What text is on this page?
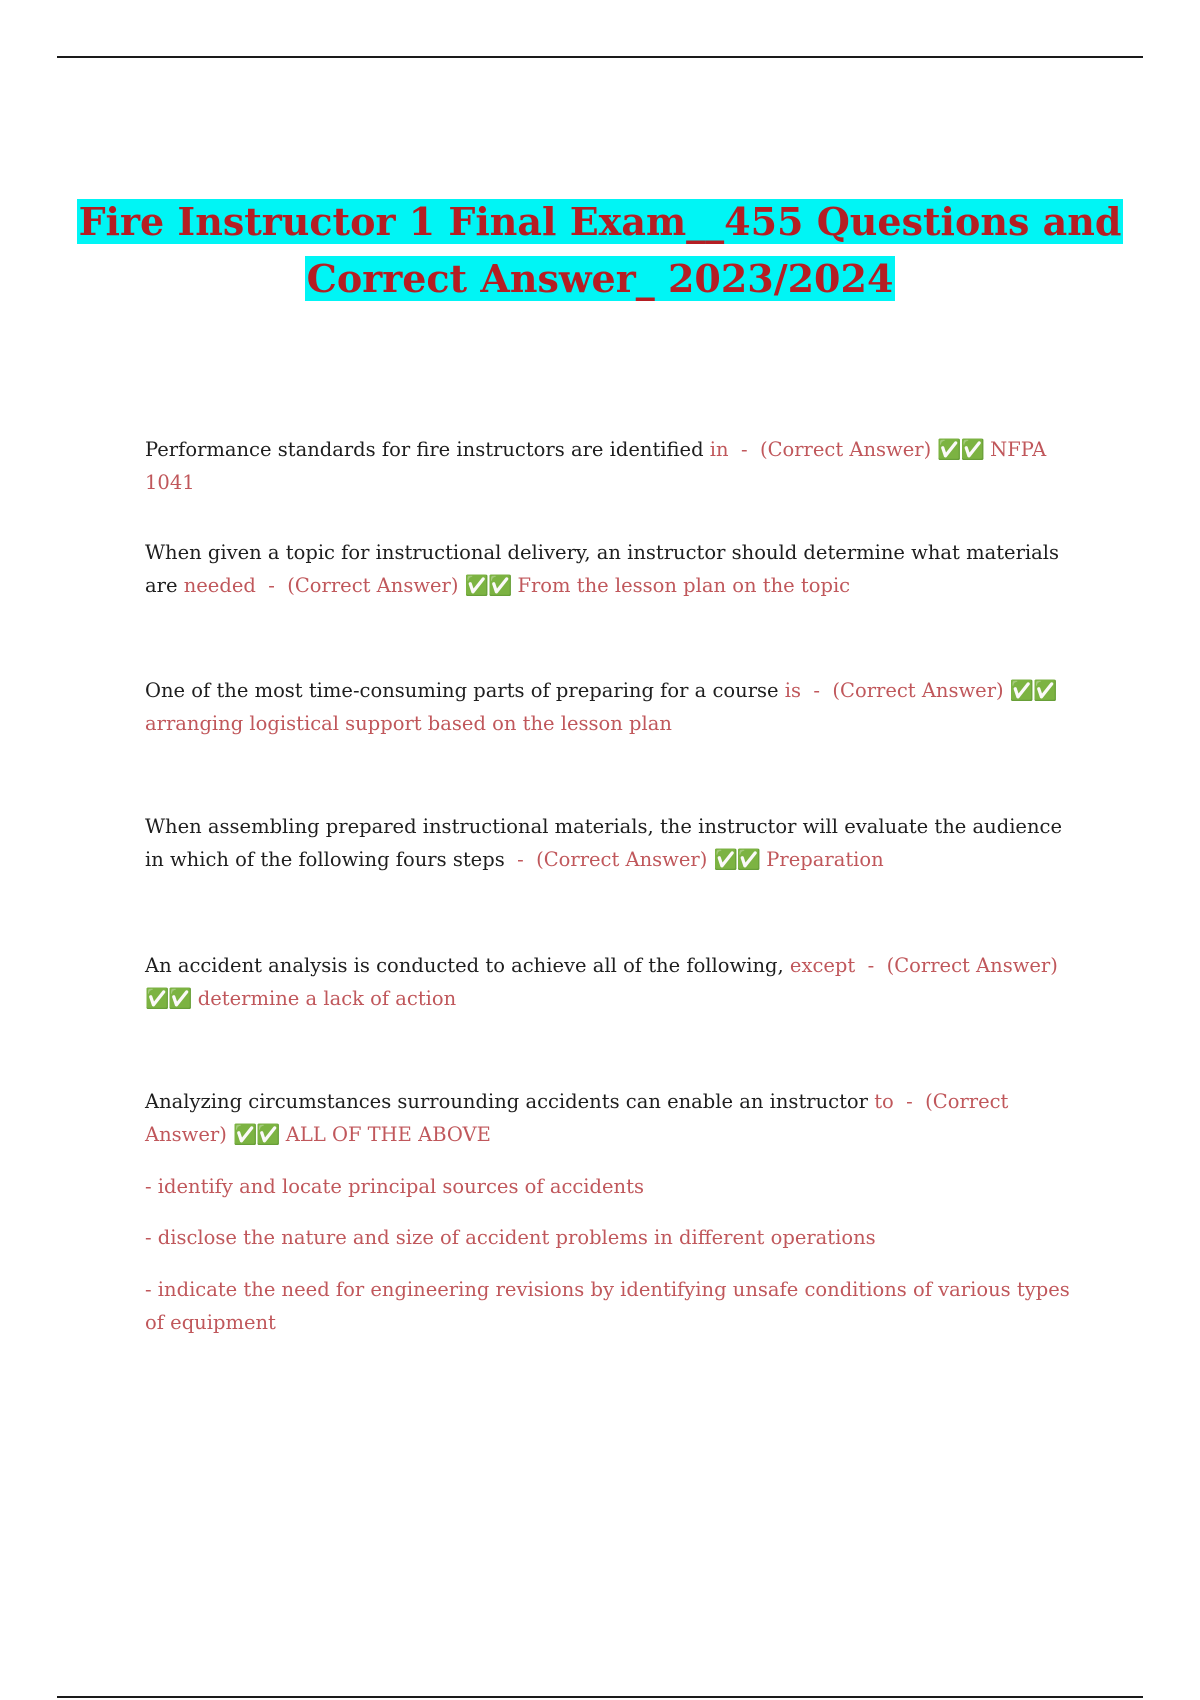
Fire Instructor 1 Final Exam__455 Questions and
Correct Answer_ 2023/2024

Performance standards for fire instructors are identified in  -  (Correct Answer) ✅✅ NFPA 1041

When given a topic for instructional delivery, an instructor should determine what materials are needed  -  (Correct Answer) ✅✅ From the lesson plan on the topic

One of the most time-consuming parts of preparing for a course is  -  (Correct Answer) ✅✅ arranging logistical support based on the lesson plan

When assembling prepared instructional materials, the instructor will evaluate the audience in which of the following fours steps  -  (Correct Answer) ✅✅ Preparation

An accident analysis is conducted to achieve all of the following, except  -  (Correct Answer) ✅✅ determine a lack of action

Analyzing circumstances surrounding accidents can enable an instructor to  -  (Correct Answer) ✅✅ ALL OF THE ABOVE

- identify and locate principal sources of accidents

- disclose the nature and size of accident problems in different operations

- indicate the need for engineering revisions by identifying unsafe conditions of various types of equipment
